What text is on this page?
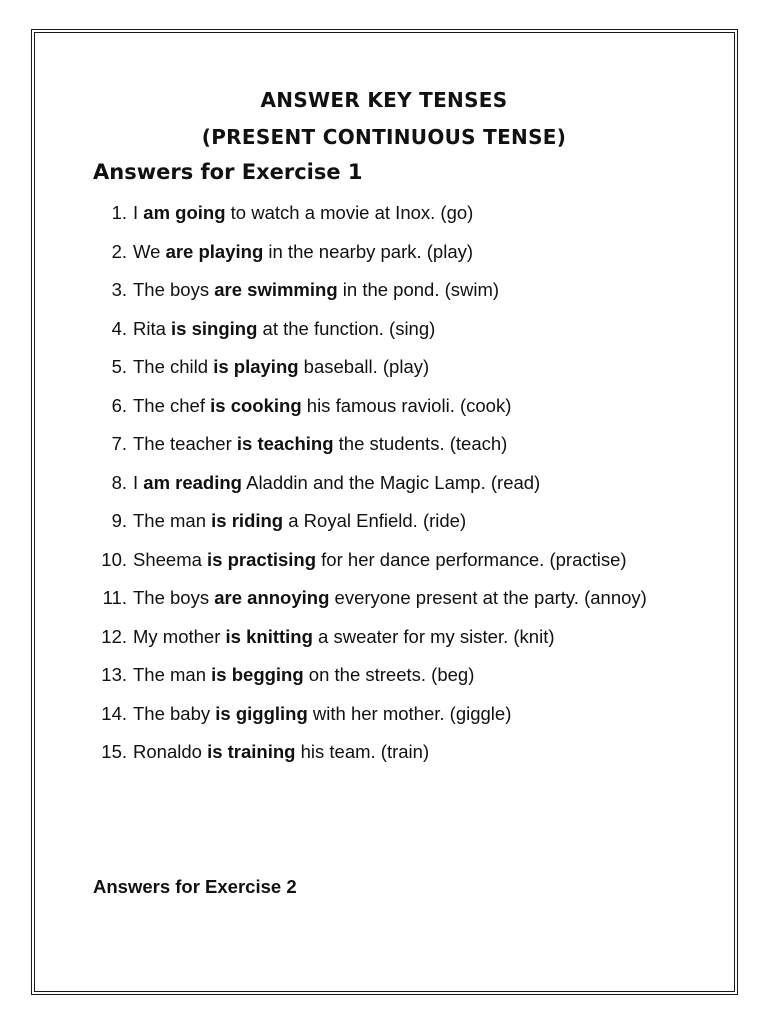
ANSWER KEY TENSES
(PRESENT CONTINUOUS TENSE)
Answers for Exercise 1
1. I am going to watch a movie at Inox. (go)
2. We are playing in the nearby park. (play)
3. The boys are swimming in the pond. (swim)
4. Rita is singing at the function. (sing)
5. The child is playing baseball. (play)
6. The chef is cooking his famous ravioli. (cook)
7. The teacher is teaching the students. (teach)
8. I am reading Aladdin and the Magic Lamp. (read)
9. The man is riding a Royal Enfield. (ride)
10. Sheema is practising for her dance performance. (practise)
11. The boys are annoying everyone present at the party. (annoy)
12. My mother is knitting a sweater for my sister. (knit)
13. The man is begging on the streets. (beg)
14. The baby is giggling with her mother. (giggle)
15. Ronaldo is training his team. (train)
Answers for Exercise 2
